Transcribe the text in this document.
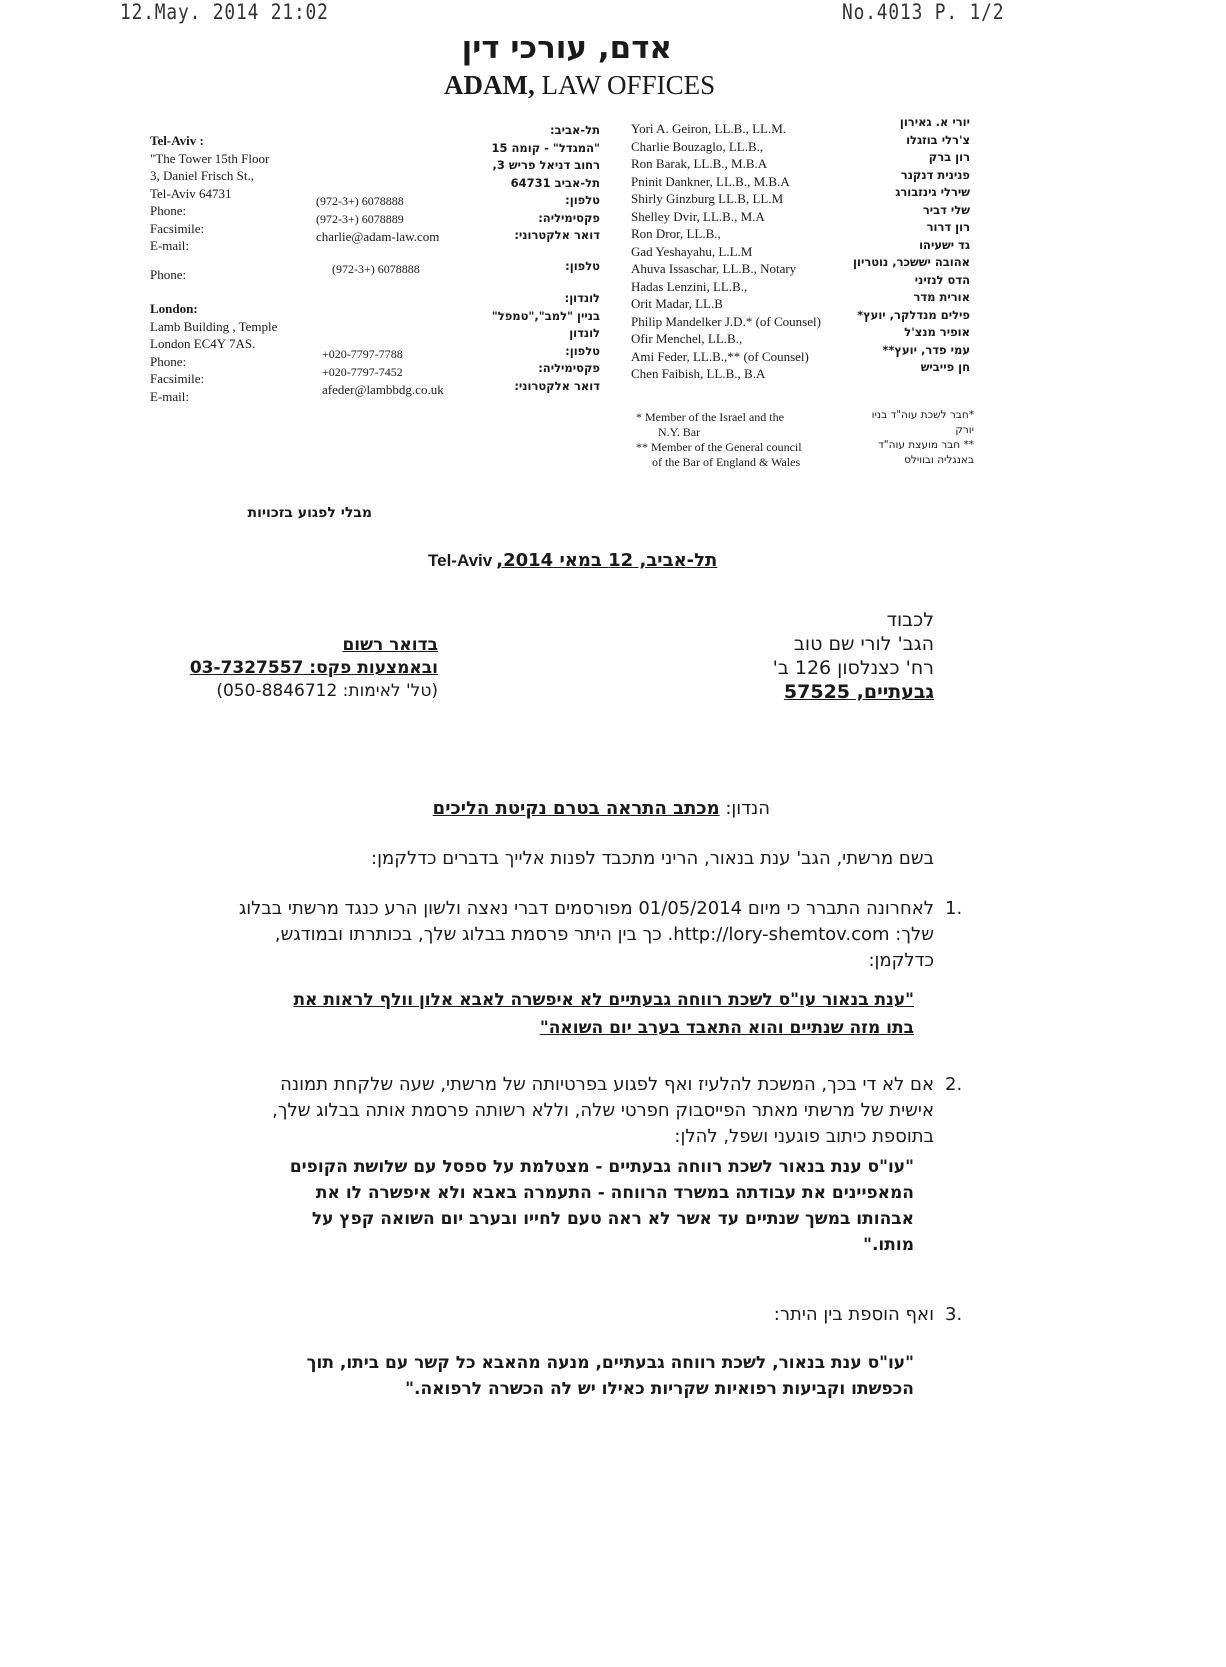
12.May. 2014 21:02	No.4013 P. 1/2
אדם, עורכי דין
ADAM, LAW OFFICES
Tel-Aviv :
"The Tower 15th Floor
3, Daniel Frisch St.,
Tel-Aviv 64731
Phone:
Facsimile:
E-mail:
Phone:
London:
Lamb Building , Temple
London EC4Y 7AS.
Phone:
Facsimile:
E-mail:
(972-3+) 6078888
(972-3+) 6078889
charlie@adam-law.com
(972-3+) 6078888
+020-7797-7788
+020-7797-7452
afeder@lambbdg.co.uk
תל-אביב:
"המגדל" - קומה 15
רחוב דניאל פריש 3,
תל-אביב 64731
טלפון:
פקסימיליה:
דואר אלקטרוני:
טלפון:
לונדון:
בניין "למב","טמפל"
לונדון
טלפון:
פקסימיליה:
דואר אלקטרוני:
Yori A. Geiron, LL.B., LL.M.
Charlie Bouzaglo, LL.B.,
Ron Barak, LL.B., M.B.A
Pninit Dankner, LL.B., M.B.A
Shirly Ginzburg LL.B, LL.M
Shelley Dvir, LL.B., M.A
Ron Dror, LL.B.,
Gad Yeshayahu, L.L.M
Ahuva Issaschar, LL.B., Notary
Hadas Lenzini, LL.B.,
Orit Madar, LL.B
Philip Mandelker J.D.* (of Counsel)
Ofir Menchel, LL.B.,
Ami Feder, LL.B.,** (of Counsel)
Chen Faibish, LL.B., B.A
יורי א. גאירון
צ'רלי בוזגלו
רון ברק
פנינית דנקנר
שירלי גינזבורג
שלי דביר
רון דרור
גד ישעיהו
אהובה יששכר, נוטריון
הדס לנזיני
אורית מדר
פילים מנדלקר, יועץ*
אופיר מנצ'ל
עמי פדר, יועץ**
חן פייביש
* Member of the Israel and the
N.Y. Bar
** Member of the General council
of the Bar of England & Wales
*חבר לשכת עוה"ד בניו
יורק
** חבר מועצת עוה"ד
באנגליה ובווילס
מבלי לפגוע בזכויות
Tel-Aviv תל-אביב, 12 במאי 2014,
לכבוד
הגב' לורי שם טוב
רח' כצנלסון 126 ב'
גבעתיים, 57525
בדואר רשום
ובאמצעות פקס: 03-7327557
(טל' לאימות: 050-8846712)
הנדון: מכתב התראה בטרם נקיטת הליכים
בשם מרשתי, הגב' ענת בנאור, הריני מתכבד לפנות אלייך בדברים כדלקמן:
1.
לאחרונה התברר כי מיום 01/05/2014 מפורסמים דברי נאצה ולשון הרע כנגד מרשתי בבלוג
שלך: http://lory-shemtov.com. כך בין היתר פרסמת בבלוג שלך, בכותרתו ובמודגש,
כדלקמן:
"ענת בנאור עו"ס לשכת רווחה גבעתיים לא איפשרה לאבא אלון וולף לראות את
בתו מזה שנתיים והוא התאבד בערב יום השואה"
2.
אם לא די בכך, המשכת להלעיז ואף לפגוע בפרטיותה של מרשתי, שעה שלקחת תמונה
אישית של מרשתי מאתר הפייסבוק חפרטי שלה, וללא רשותה פרסמת אותה בבלוג שלך,
בתוספת כיתוב פוגעני ושפל, להלן:
"עו"ס ענת בנאור לשכת רווחה גבעתיים - מצטלמת על ספסל עם שלושת הקופים
המאפיינים את עבודתה במשרד הרווחה - התעמרה באבא ולא איפשרה לו את
אבהותו במשך שנתיים עד אשר לא ראה טעם לחייו ובערב יום השואה קפץ על
מותו."
3.
ואף הוספת בין היתר:
"עו"ס ענת בנאור, לשכת רווחה גבעתיים, מנעה מהאבא כל קשר עם ביתו, תוך
הכפשתו וקביעות רפואיות שקריות כאילו יש לה הכשרה לרפואה."
